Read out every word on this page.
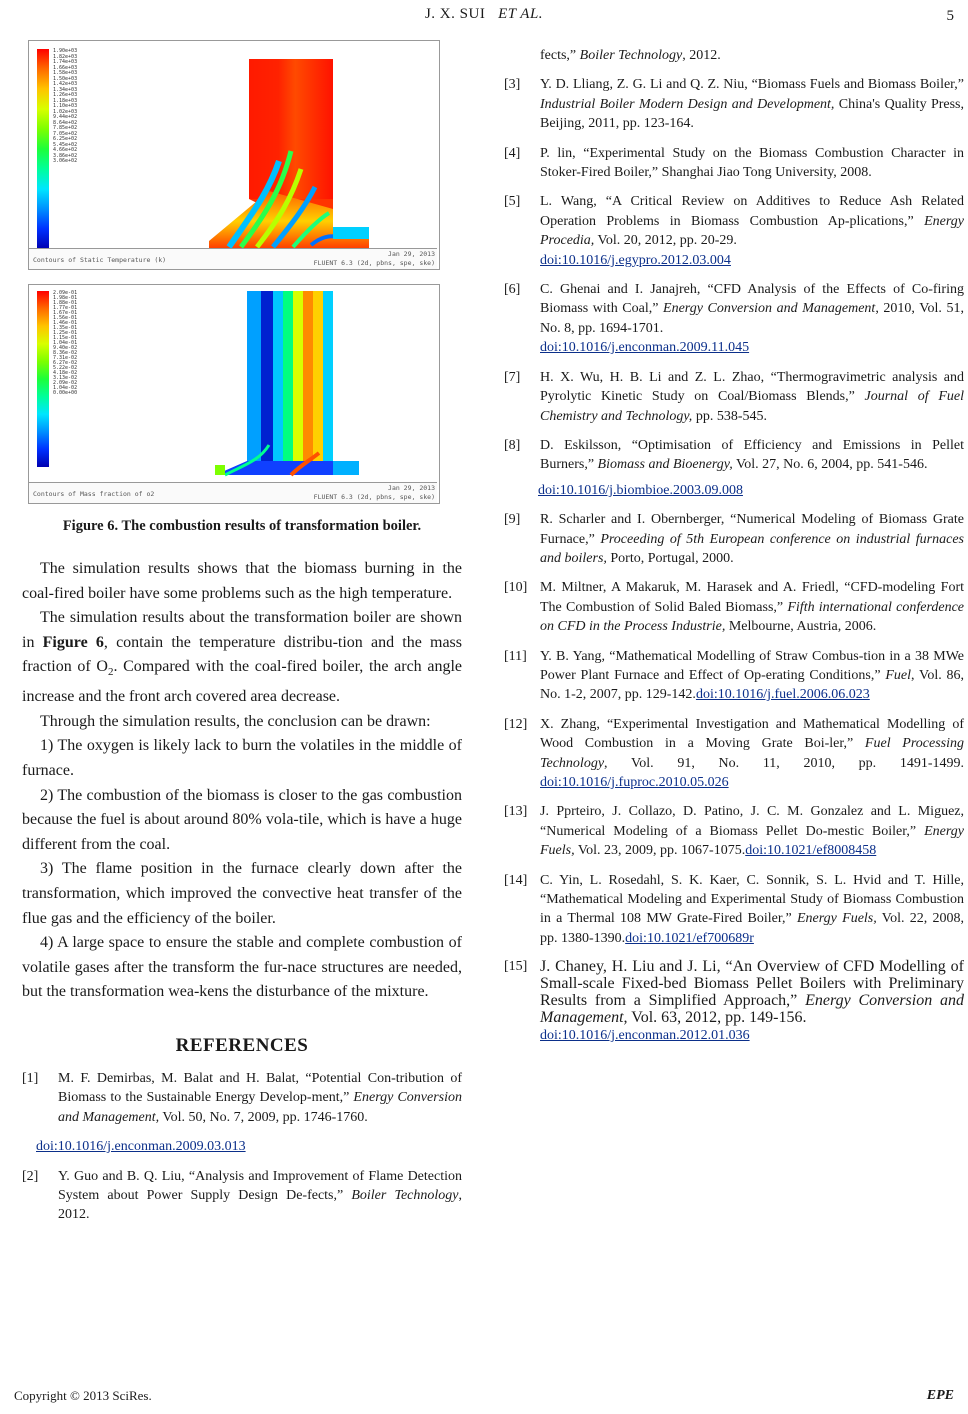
J. X. SUI ET AL.	5
1.90e+03
1.82e+03
1.74e+03
1.66e+03
1.58e+03
1.50e+03
1.42e+03
1.34e+03
1.26e+03
1.18e+03
1.10e+03
1.02e+03
9.44e+02
8.64e+02
7.85e+02
7.05e+02
6.25e+02
5.45e+02
4.66e+02
3.86e+02
3.06e+02
Contours of Static Temperature (k)
Jan 29, 2013
FLUENT 6.3 (2d, pbns, spe, ske)
2.09e-01
1.98e-01
1.88e-01
1.77e-01
1.67e-01
1.56e-01
1.46e-01
1.35e-01
1.25e-01
1.15e-01
1.04e-01
9.40e-02
8.36e-02
7.31e-02
6.27e-02
5.22e-02
4.18e-02
3.13e-02
2.09e-02
1.04e-02
0.00e+00
Contours of Mass fraction of o2
Jan 29, 2013
FLUENT 6.3 (2d, pbns, spe, ske)
Figure 6. The combustion results of transformation boiler.

The simulation results shows that the biomass burning in the coal-fired boiler have some problems such as the high temperature.

The simulation results about the transformation boiler are shown in Figure 6, contain the temperature distribu-tion and the mass fraction of $O_2$. Compared with the coal-fired boiler, the arch angle increase and the front arch covered area decrease.

Through the simulation results, the conclusion can be drawn:

1) The oxygen is likely lack to burn the volatiles in the middle of furnace.

2) The combustion of the biomass is closer to the gas combustion because the fuel is about around 80% vola-tile, which is have a huge different from the coal.

3) The flame position in the furnace clearly down after the transformation, which improved the convective heat transfer of the flue gas and the efficiency of the boiler.

4) A large space to ensure the stable and complete combustion of volatile gases after the transform the fur-nace structures are needed, but the transformation wea-kens the disturbance of the mixture.

REFERENCES
[1]	M. F. Demirbas, M. Balat and H. Balat, “Potential Con-tribution of Biomass to the Sustainable Energy Develop-ment,” Energy Conversion and Management, Vol. 50, No. 7, 2009, pp. 1746-1760.
doi:10.1016/j.enconman.2009.03.013
[2]	Y. Guo and B. Q. Liu, “Analysis and Improvement of Flame Detection System about Power Supply Design De-fects,” Boiler Technology, 2012.
fects,” Boiler Technology, 2012.
[3]	Y. D. Lliang, Z. G. Li and Q. Z. Niu, “Biomass Fuels and Biomass Boiler,” Industrial Boiler Modern Design and Development, China's Quality Press, Beijing, 2011, pp. 123-164.
[4]	P. lin, “Experimental Study on the Biomass Combustion Character in Stoker-Fired Boiler,” Shanghai Jiao Tong University, 2008.
[5]	L. Wang, “A Critical Review on Additives to Reduce Ash Related Operation Problems in Biomass Combustion Ap-plications,” Energy Procedia, Vol. 20, 2012, pp. 20-29.
doi:10.1016/j.egypro.2012.03.004
[6]	C. Ghenai and I. Janajreh, “CFD Analysis of the Effects of Co-firing Biomass with Coal,” Energy Conversion and Management, 2010, Vol. 51, No. 8, pp. 1694-1701.
doi:10.1016/j.enconman.2009.11.045
[7]	H. X. Wu, H. B. Li and Z. L. Zhao, “Thermogravimetric analysis and Pyrolytic Kinetic Study on Coal/Biomass Blends,” Journal of Fuel Chemistry and Technology, pp. 538-545.
[8]	D. Eskilsson, “Optimisation of Efficiency and Emissions in Pellet Burners,” Biomass and Bioenergy, Vol. 27, No. 6, 2004, pp. 541-546.
doi:10.1016/j.biombioe.2003.09.008
[9]	R. Scharler and I. Obernberger, “Numerical Modeling of Biomass Grate Furnace,” Proceeding of 5th European conference on industrial furnaces and boilers, Porto, Portugal, 2000.
[10] M. Miltner, A Makaruk, M. Harasek and A. Friedl, “CFD-modeling Fort The Combustion of Solid Baled Biomass,” Fifth international conferdence on CFD in the Process Industrie, Melbourne, Austria, 2006.
[11] Y. B. Yang, “Mathematical Modelling of Straw Combus-tion in a 38 MWe Power Plant Furnace and Effect of Op-erating Conditions,” Fuel, Vol. 86, No. 1-2, 2007, pp. 129-142.doi:10.1016/j.fuel.2006.06.023
[12] X. Zhang, “Experimental Investigation and Mathematical Modelling of Wood Combustion in a Moving Grate Boi-ler,” Fuel Processing Technology, Vol. 91, No. 11, 2010, pp. 1491-1499. doi:10.1016/j.fuproc.2010.05.026
[13] J. Pprteiro, J. Collazo, D. Patino, J. C. M. Gonzalez and L. Miguez, “Numerical Modeling of a Biomass Pellet Do-mestic Boiler,” Energy Fuels, Vol. 23, 2009, pp. 1067-1075.doi:10.1021/ef8008458
[14] C. Yin, L. Rosedahl, S. K. Kaer, C. Sonnik, S. L. Hvid and T. Hille, “Mathematical Modeling and Experimental Study of Biomass Combustion in a Thermal 108 MW Grate-Fired Boiler,” Energy Fuels, Vol. 22, 2008, pp. 1380-1390.doi:10.1021/ef700689r
[15] J. Chaney, H. Liu and J. Li, “An Overview of CFD Modelling of Small-scale Fixed-bed Biomass Pellet Boilers with Preliminary Results from a Simplified Approach,” Energy Conversion and Management, Vol. 63, 2012, pp. 149-156.
doi:10.1016/j.enconman.2012.01.036
Copyright © 2013 SciRes.	EPE
